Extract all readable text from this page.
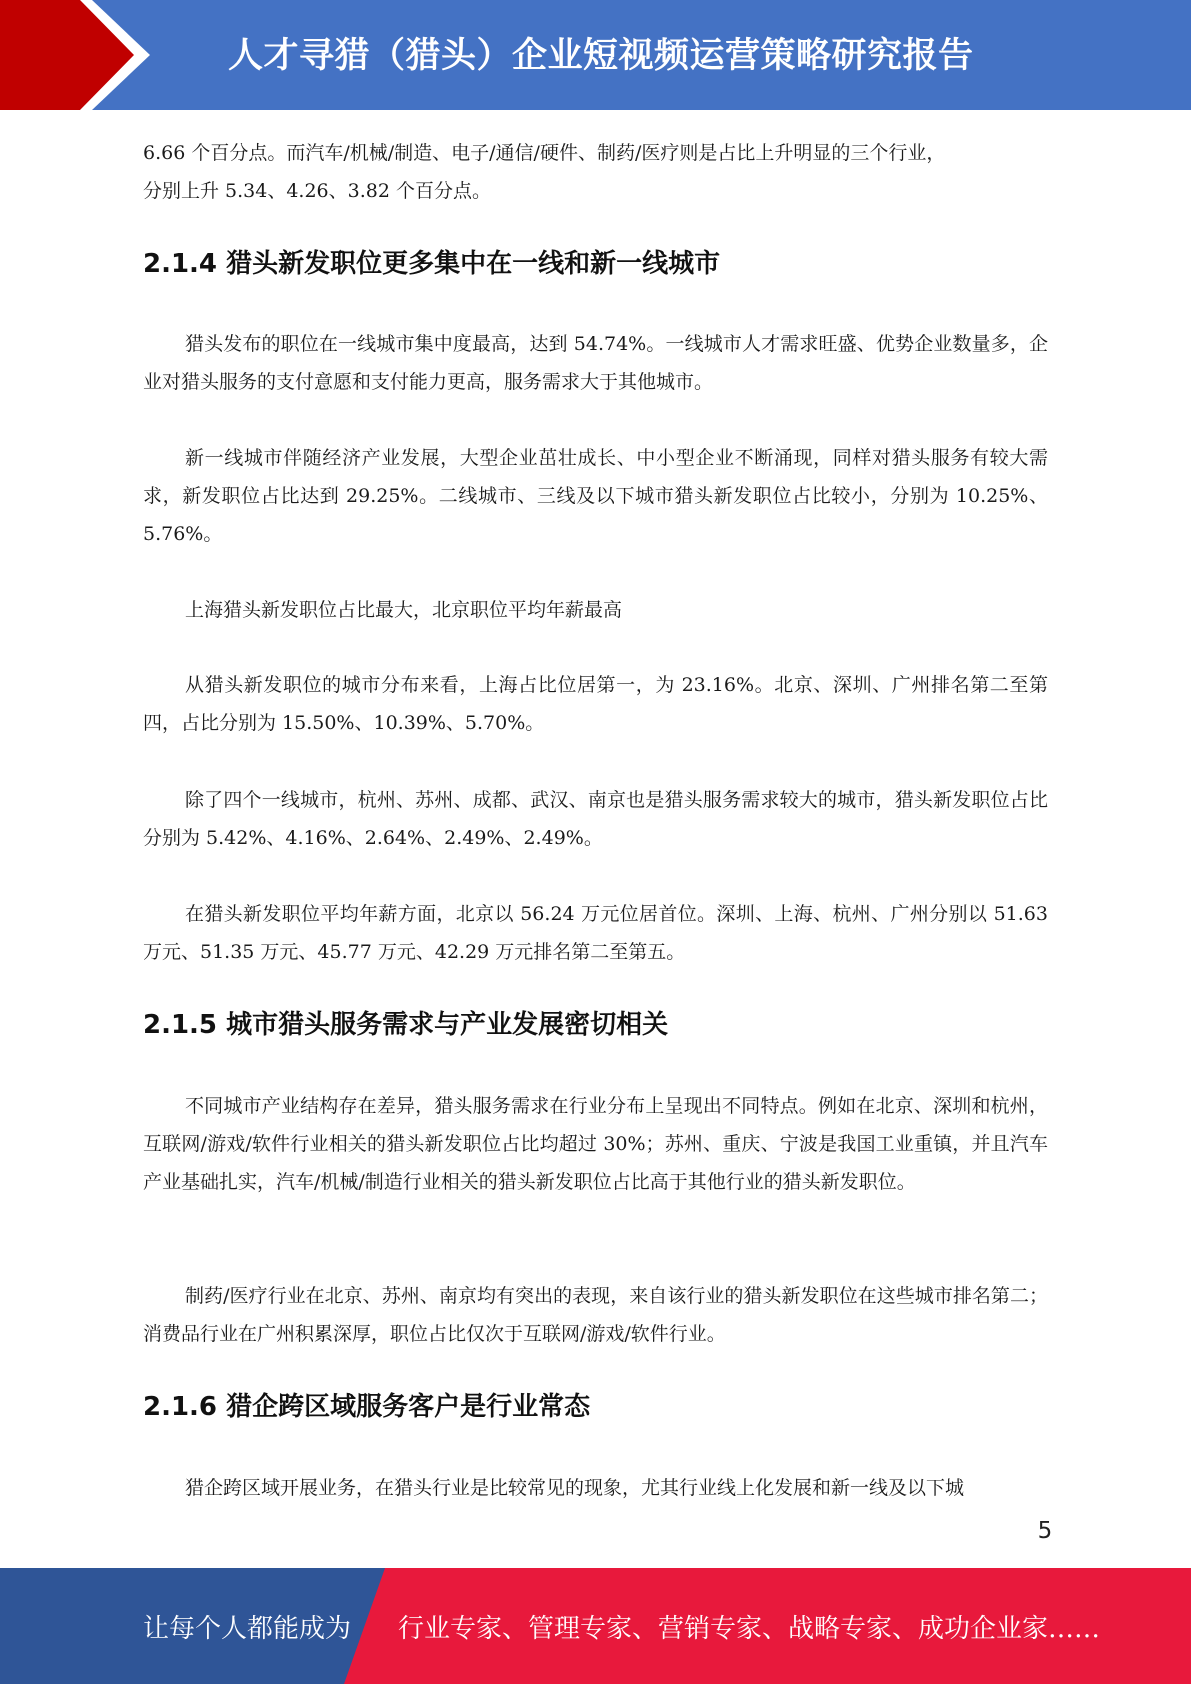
人才寻猎（猎头）企业短视频运营策略研究报告
6.66 个百分点。而汽车/机械/制造、电子/通信/硬件、制药/医疗则是占比上升明显的三个行业，
分别上升 5.34、4.26、3.82 个百分点。
2.1.4 猎头新发职位更多集中在一线和新一线城市
猎头发布的职位在一线城市集中度最高，达到 54.74%。一线城市人才需求旺盛、优势企业数量多，企业对猎头服务的支付意愿和支付能力更高，服务需求大于其他城市。
新一线城市伴随经济产业发展，大型企业茁壮成长、中小型企业不断涌现，同样对猎头服务有较大需求，新发职位占比达到 29.25%。二线城市、三线及以下城市猎头新发职位占比较小，分别为 10.25%、5.76%。
上海猎头新发职位占比最大，北京职位平均年薪最高
从猎头新发职位的城市分布来看，上海占比位居第一，为 23.16%。北京、深圳、广州排名第二至第四，占比分别为 15.50%、10.39%、5.70%。
除了四个一线城市，杭州、苏州、成都、武汉、南京也是猎头服务需求较大的城市，猎头新发职位占比分别为 5.42%、4.16%、2.64%、2.49%、2.49%。
在猎头新发职位平均年薪方面，北京以 56.24 万元位居首位。深圳、上海、杭州、广州分别以 51.63 万元、51.35 万元、45.77 万元、42.29 万元排名第二至第五。
2.1.5 城市猎头服务需求与产业发展密切相关
不同城市产业结构存在差异，猎头服务需求在行业分布上呈现出不同特点。例如在北京、深圳和杭州，互联网/游戏/软件行业相关的猎头新发职位占比均超过 30%；苏州、重庆、宁波是我国工业重镇，并且汽车产业基础扎实，汽车/机械/制造行业相关的猎头新发职位占比高于其他行业的猎头新发职位。
制药/医疗行业在北京、苏州、南京均有突出的表现，来自该行业的猎头新发职位在这些城市排名第二；消费品行业在广州积累深厚，职位占比仅次于互联网/游戏/软件行业。
2.1.6 猎企跨区域服务客户是行业常态
猎企跨区域开展业务，在猎头行业是比较常见的现象，尤其行业线上化发展和新一线及以下城
5
让每个人都能成为 行业专家、管理专家、营销专家、战略专家、成功企业家……
